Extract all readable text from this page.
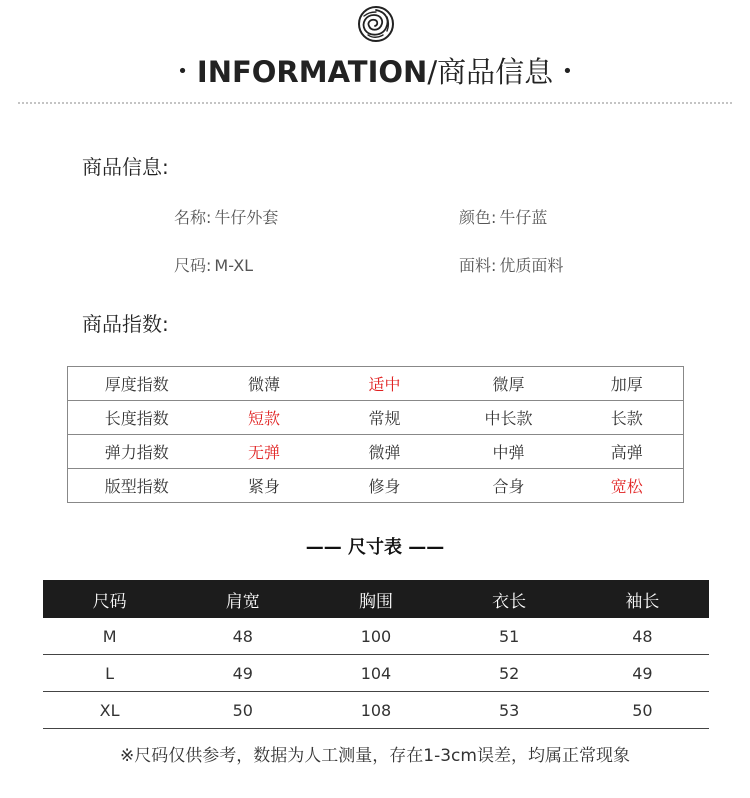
• INFORMATION/商品信息 •
商品信息:
名称: 牛仔外套	颜色: 牛仔蓝
尺码: M-XL	面料: 优质面料
商品指数:
厚度指数	微薄	适中	微厚	加厚
长度指数	短款	常规	中长款	长款
弹力指数	无弹	微弹	中弹	高弹
版型指数	紧身	修身	合身	宽松
—— 尺寸表 ——
尺码	肩宽	胸围	衣长	袖长
M	48	100	51	48
L	49	104	52	49
XL	50	108	53	50
※尺码仅供参考，数据为人工测量，存在1-3cm误差，均属正常现象
